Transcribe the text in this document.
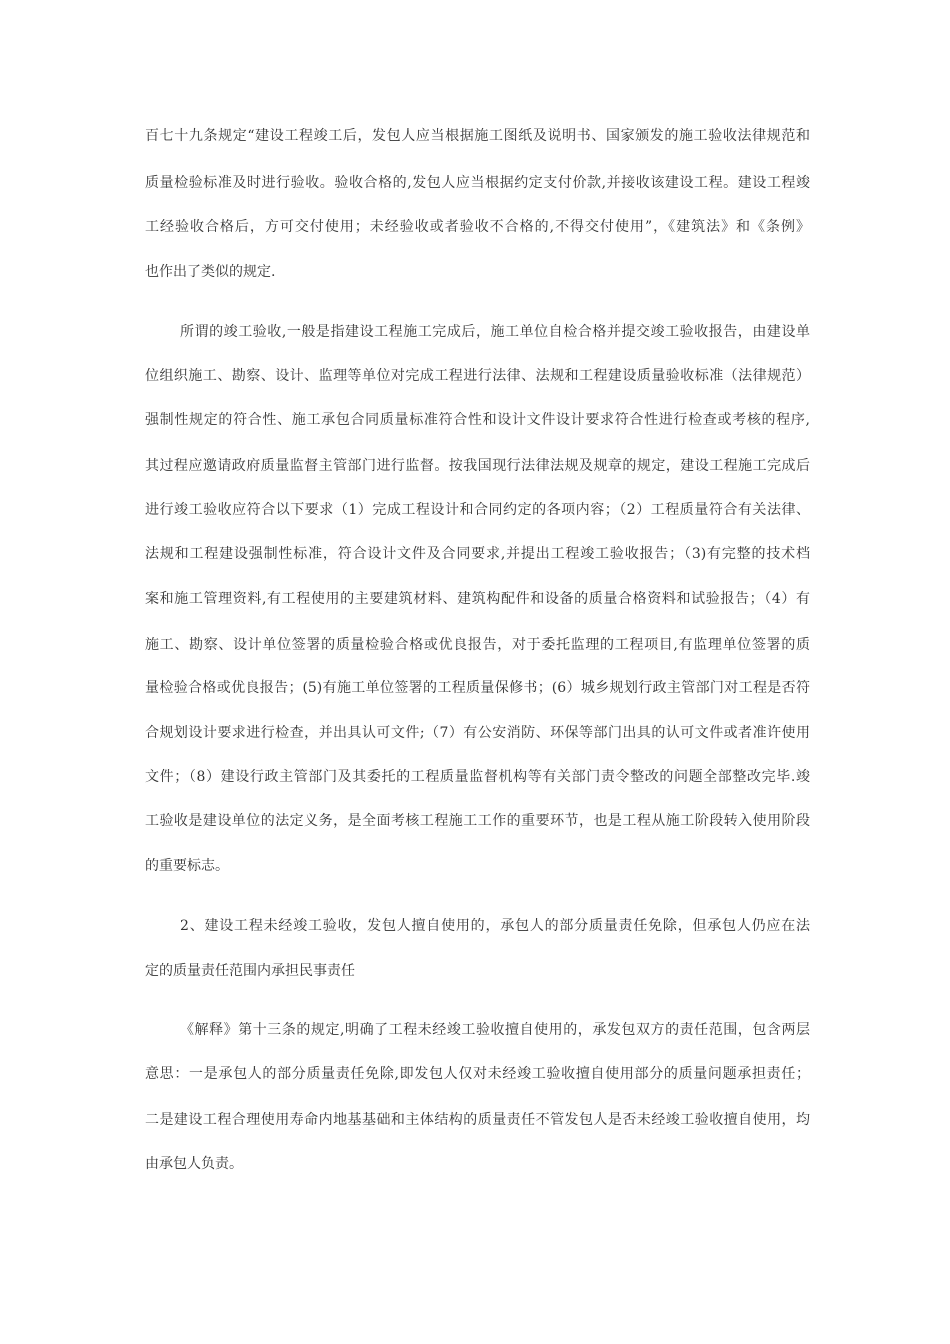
百七十九条规定“建设工程竣工后，发包人应当根据施工图纸及说明书、国家颁发的施工验收法律规范和
质量检验标准及时进行验收。验收合格的,发包人应当根据约定支付价款,并接收该建设工程。建设工程竣
工经验收合格后，方可交付使用；未经验收或者验收不合格的,不得交付使用”，《建筑法》和《条例》
也作出了类似的规定.
所谓的竣工验收,一般是指建设工程施工完成后，施工单位自检合格并提交竣工验收报告，由建设单
位组织施工、勘察、设计、监理等单位对完成工程进行法律、法规和工程建设质量验收标准（法律规范）
强制性规定的符合性、施工承包合同质量标准符合性和设计文件设计要求符合性进行检查或考核的程序,
其过程应邀请政府质量监督主管部门进行监督。按我国现行法律法规及规章的规定，建设工程施工完成后
进行竣工验收应符合以下要求（1）完成工程设计和合同约定的各项内容；（2）工程质量符合有关法律、
法规和工程建设强制性标准，符合设计文件及合同要求,并提出工程竣工验收报告；（3)有完整的技术档
案和施工管理资料,有工程使用的主要建筑材料、建筑构配件和设备的质量合格资料和试验报告；（4）有
施工、勘察、设计单位签署的质量检验合格或优良报告，对于委托监理的工程项目,有监理单位签署的质
量检验合格或优良报告；(5)有施工单位签署的工程质量保修书；(6）城乡规划行政主管部门对工程是否符
合规划设计要求进行检查，并出具认可文件;（7）有公安消防、环保等部门出具的认可文件或者准许使用
文件；（8）建设行政主管部门及其委托的工程质量监督机构等有关部门责令整改的问题全部整改完毕.竣
工验收是建设单位的法定义务，是全面考核工程施工工作的重要环节，也是工程从施工阶段转入使用阶段
的重要标志。
2、建设工程未经竣工验收，发包人擅自使用的，承包人的部分质量责任免除，但承包人仍应在法
定的质量责任范围内承担民事责任
《解释》第十三条的规定,明确了工程未经竣工验收擅自使用的，承发包双方的责任范围，包含两层
意思：一是承包人的部分质量责任免除,即发包人仅对未经竣工验收擅自使用部分的质量问题承担责任；
二是建设工程合理使用寿命内地基基础和主体结构的质量责任不管发包人是否未经竣工验收擅自使用，均
由承包人负责。
